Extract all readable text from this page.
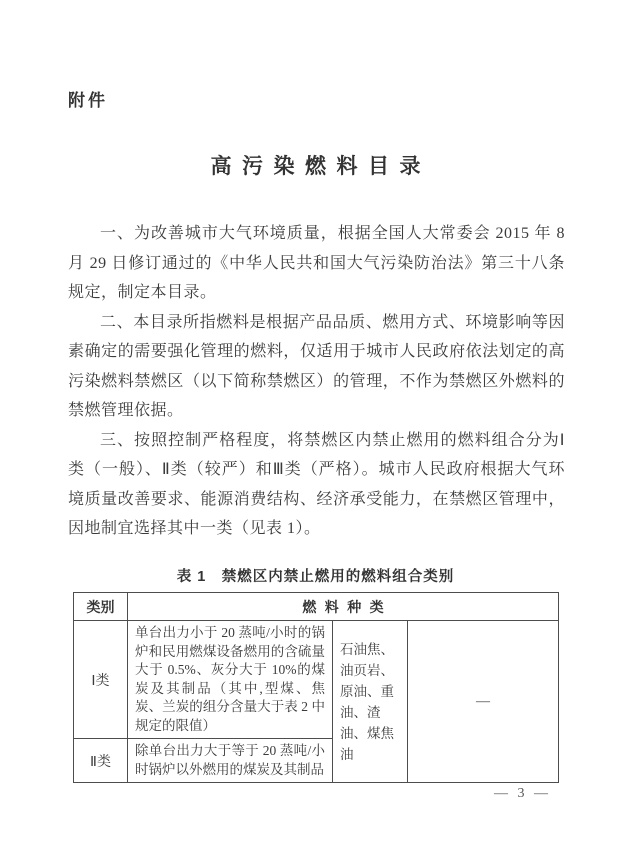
附件
高污染燃料目录

一、为改善城市大气环境质量，根据全国人大常委会 2015 年 8 月 29 日修订通过的《中华人民共和国大气污染防治法》第三十八条规定，制定本目录。

二、本目录所指燃料是根据产品品质、燃用方式、环境影响等因素确定的需要强化管理的燃料，仅适用于城市人民政府依法划定的高污染燃料禁燃区（以下简称禁燃区）的管理，不作为禁燃区外燃料的禁燃管理依据。

三、按照控制严格程度，将禁燃区内禁止燃用的燃料组合分为Ⅰ类（一般）、Ⅱ类（较严）和Ⅲ类（严格）。城市人民政府根据大气环境质量改善要求、能源消费结构、经济承受能力，在禁燃区管理中，因地制宜选择其中一类（见表 1）。

表 1　禁燃区内禁止燃用的燃料组合类别
类别	燃料种类		
Ⅰ类	单台出力小于 20 蒸吨/小时的锅炉和民用燃煤设备燃用的含硫量大于 0.5%、灰分大于 10%的煤炭及其制品（其中,型煤、焦炭、兰炭的组分含量大于表 2 中规定的限值）	石油焦、油页岩、原油、重油、渣油、煤焦油	—
Ⅱ类	除单台出力大于等于 20 蒸吨/小时锅炉以外燃用的煤炭及其制品		
— 3 —
